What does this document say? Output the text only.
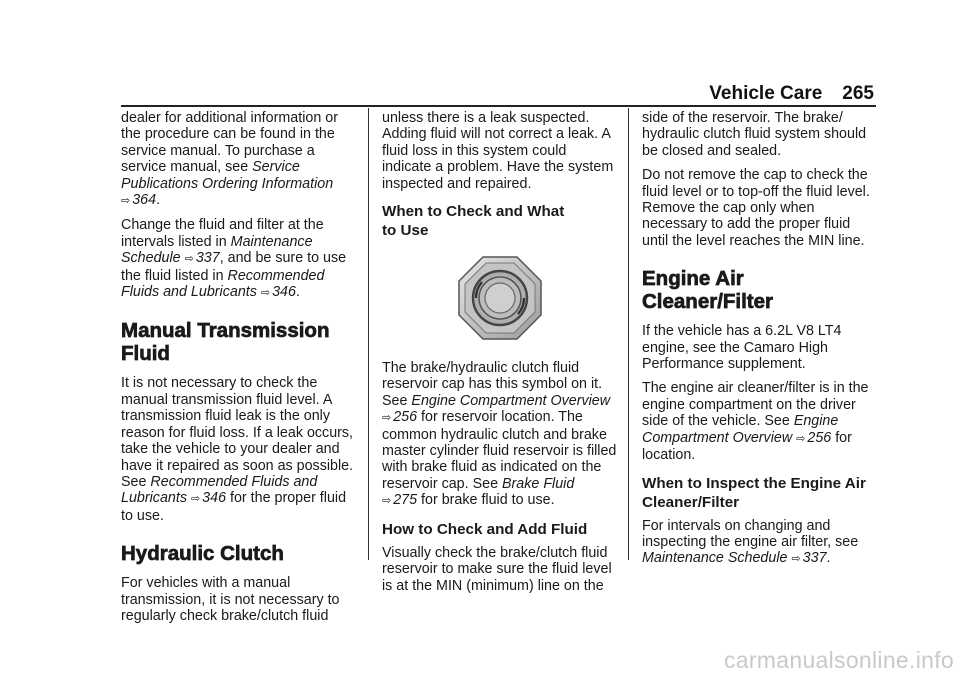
Vehicle Care 265

dealer for additional information or the procedure can be found in the service manual. To purchase a service manual, see Service Publications Ordering Information ⇨ 364.

Change the fluid and filter at the intervals listed in Maintenance Schedule ⇨ 337, and be sure to use the fluid listed in Recommended Fluids and Lubricants ⇨ 346.

Manual Transmission Fluid

It is not necessary to check the manual transmission fluid level. A transmission fluid leak is the only reason for fluid loss. If a leak occurs, take the vehicle to your dealer and have it repaired as soon as possible. See Recommended Fluids and Lubricants ⇨ 346 for the proper fluid to use.

Hydraulic Clutch

For vehicles with a manual transmission, it is not necessary to regularly check brake/clutch fluid

unless there is a leak suspected. Adding fluid will not correct a leak. A fluid loss in this system could indicate a problem. Have the system inspected and repaired.

When to Check and What to Use

The brake/hydraulic clutch fluid reservoir cap has this symbol on it. See Engine Compartment Overview
⇨ 256 for reservoir location. The common hydraulic clutch and brake master cylinder fluid reservoir is filled with brake fluid as indicated on the reservoir cap. See Brake Fluid
⇨ 275 for brake fluid to use.

How to Check and Add Fluid

Visually check the brake/clutch fluid reservoir to make sure the fluid level is at the MIN (minimum) line on the

side of the reservoir. The brake/ hydraulic clutch fluid system should be closed and sealed.

Do not remove the cap to check the fluid level or to top-off the fluid level. Remove the cap only when necessary to add the proper fluid until the level reaches the MIN line.

Engine Air Cleaner/Filter

If the vehicle has a 6.2L V8 LT4 engine, see the Camaro High Performance supplement.

The engine air cleaner/filter is in the engine compartment on the driver side of the vehicle. See Engine Compartment Overview ⇨ 256 for location.

When to Inspect the Engine Air Cleaner/Filter

For intervals on changing and inspecting the engine air filter, see Maintenance Schedule ⇨ 337.

carmanualsonline.info
